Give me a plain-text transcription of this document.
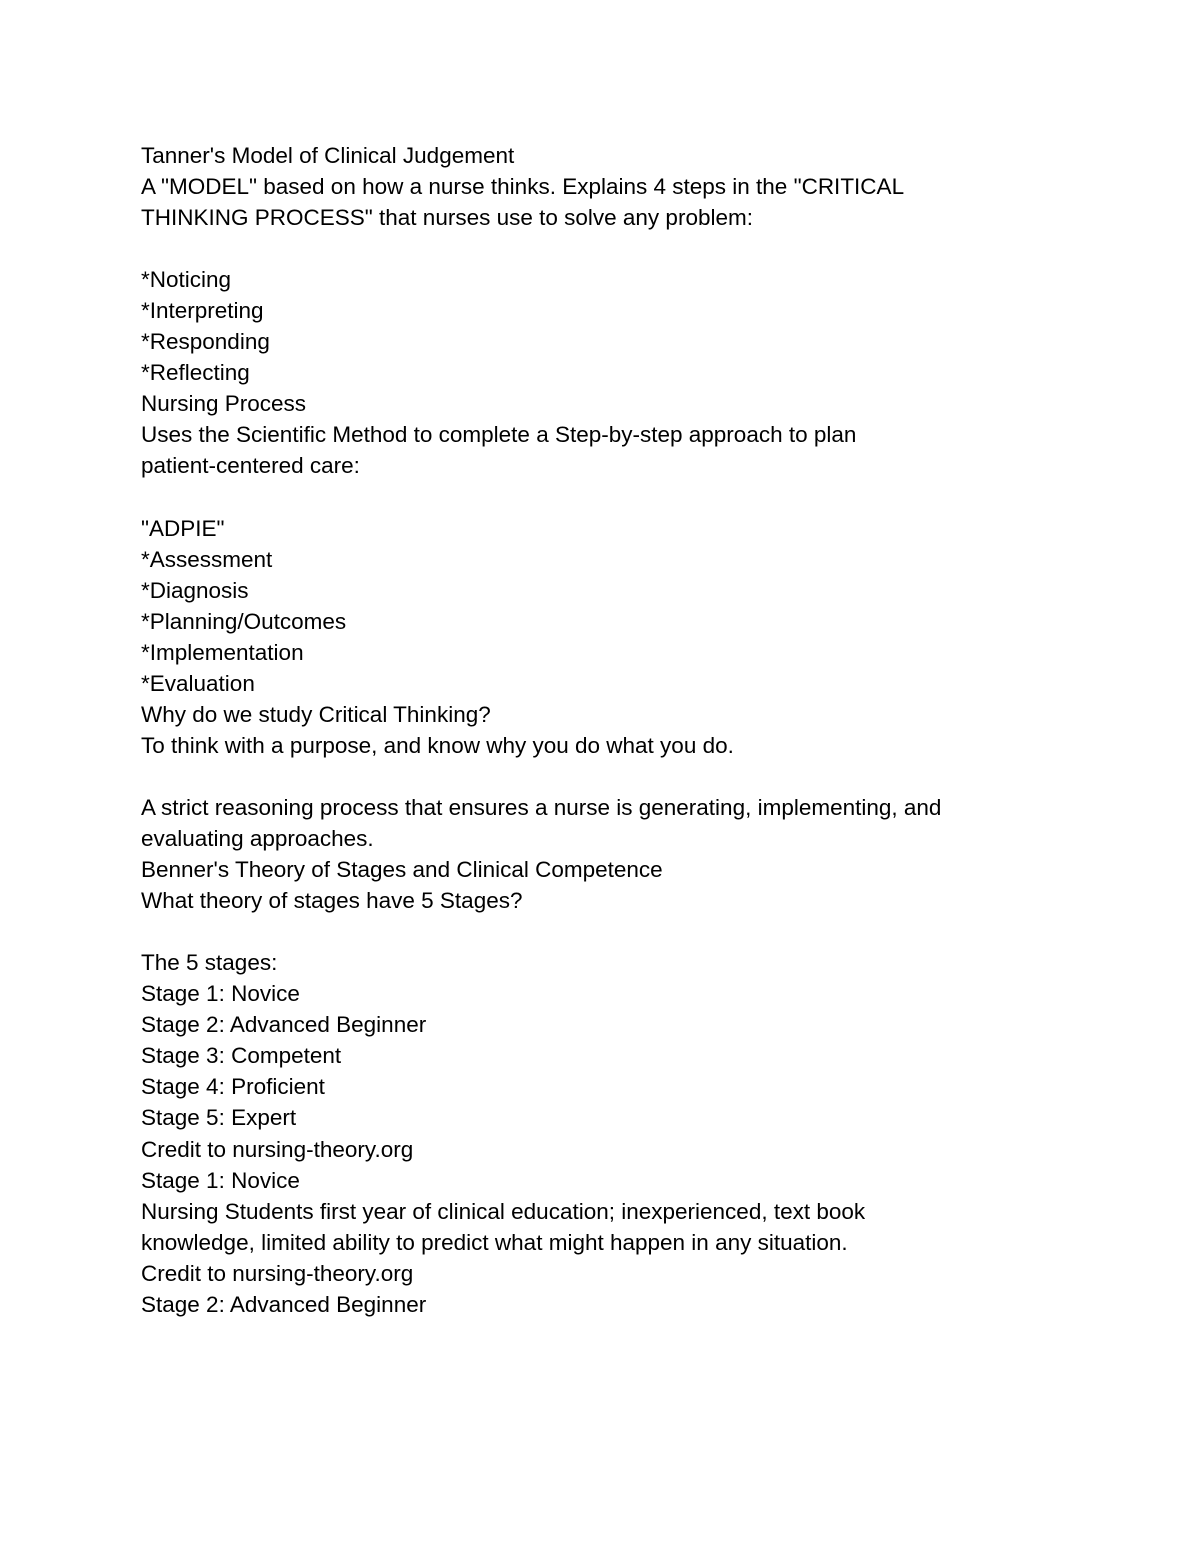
Tanner's Model of Clinical Judgement
A "MODEL" based on how a nurse thinks. Explains 4 steps in the "CRITICAL
THINKING PROCESS" that nurses use to solve any problem:
*Noticing
*Interpreting
*Responding
*Reflecting
Nursing Process
Uses the Scientific Method to complete a Step-by-step approach to plan
patient-centered care:
"ADPIE"
*Assessment
*Diagnosis
*Planning/Outcomes
*Implementation
*Evaluation
Why do we study Critical Thinking?
To think with a purpose, and know why you do what you do.
A strict reasoning process that ensures a nurse is generating, implementing, and
evaluating approaches.
Benner's Theory of Stages and Clinical Competence
What theory of stages have 5 Stages?
The 5 stages:
Stage 1: Novice
Stage 2: Advanced Beginner
Stage 3: Competent
Stage 4: Proficient
Stage 5: Expert
Credit to nursing-theory.org
Stage 1: Novice
Nursing Students first year of clinical education; inexperienced, text book
knowledge, limited ability to predict what might happen in any situation.
Credit to nursing-theory.org
Stage 2: Advanced Beginner
